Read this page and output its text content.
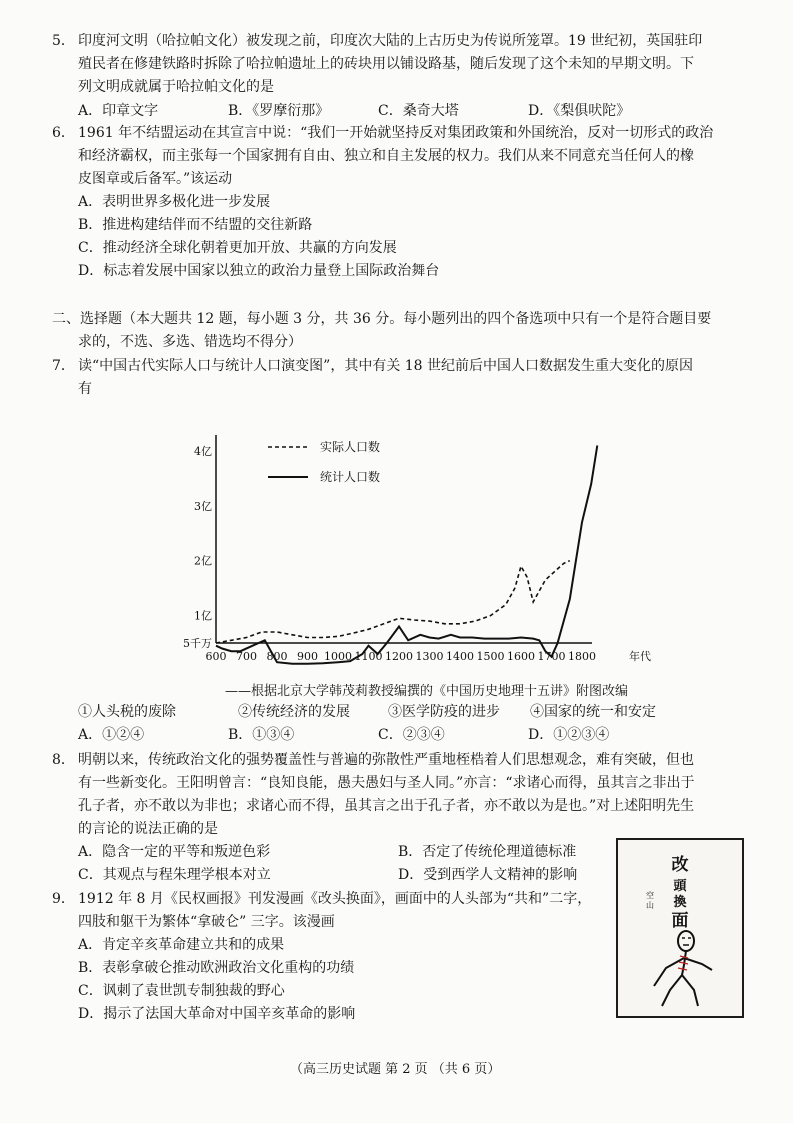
5． 印度河文明（哈拉帕文化）被发现之前，印度次大陆的上古历史为传说所笼罩。19 世纪初，英国驻印
殖民者在修建铁路时拆除了哈拉帕遗址上的砖块用以铺设路基，随后发现了这个未知的早期文明。下
列文明成就属于哈拉帕文化的是
A．印章文字	B．《罗摩衍那》	C．桑奇大塔	D．《梨俱吠陀》
6． 1961 年不结盟运动在其宣言中说：“我们一开始就坚持反对集团政策和外国统治，反对一切形式的政治
和经济霸权，而主张每一个国家拥有自由、独立和自主发展的权力。我们从来不同意充当任何人的橡
皮图章或后备军。”该运动
A．表明世界多极化进一步发展
B．推进构建结伴而不结盟的交往新路
C．推动经济全球化朝着更加开放、共赢的方向发展
D．标志着发展中国家以独立的政治力量登上国际政治舞台
二、选择题（本大题共 12 题，每小题 3 分，共 36 分。每小题列出的四个备选项中只有一个是符合题目要
求的，不选、多选、错选均不得分）
7． 读“中国古代实际人口与统计人口演变图”，其中有关 18 世纪前后中国人口数据发生重大变化的原因
有
600 700 800 900 1000 1100 1200 1300 1400 1500 1600 1700 1800	年代
5千万
1亿
2亿
3亿
4亿	实际人口数
统计人口数
——根据北京大学韩茂莉教授编撰的《中国历史地理十五讲》附图改编
①人头税的废除	②传统经济的发展	③医学防疫的进步	④国家的统一和安定
A．①②④	B．①③④	C．②③④	D．①②③④
8． 明朝以来，传统政治文化的强势覆盖性与普遍的弥散性严重地桎梏着人们思想观念，难有突破，但也
有一些新变化。王阳明曾言：“良知良能，愚夫愚妇与圣人同。”亦言：“求诸心而得，虽其言之非出于
孔子者，亦不敢以为非也；求诸心而不得，虽其言之出于孔子者，亦不敢以为是也。”对上述阳明先生
的言论的说法正确的是
A．隐含一定的平等和叛逆色彩	B．否定了传统伦理道德标准
C．其观点与程朱理学根本对立	D．受到西学人文精神的影响
9． 1912 年 8 月《民权画报》刊发漫画《改头换面》，画面中的人头部为“共和”二字，
四肢和躯干为繁体“拿破仑” 三字。该漫画
A．肯定辛亥革命建立共和的成果
B．表彰拿破仑推动欧洲政治文化重构的功绩
C．讽刺了袁世凯专制独裁的野心
D．揭示了法国大革命对中国辛亥革命的影响
改
頭
換
面
空
山
（高三历史试题 第 2 页 （共 6 页）
